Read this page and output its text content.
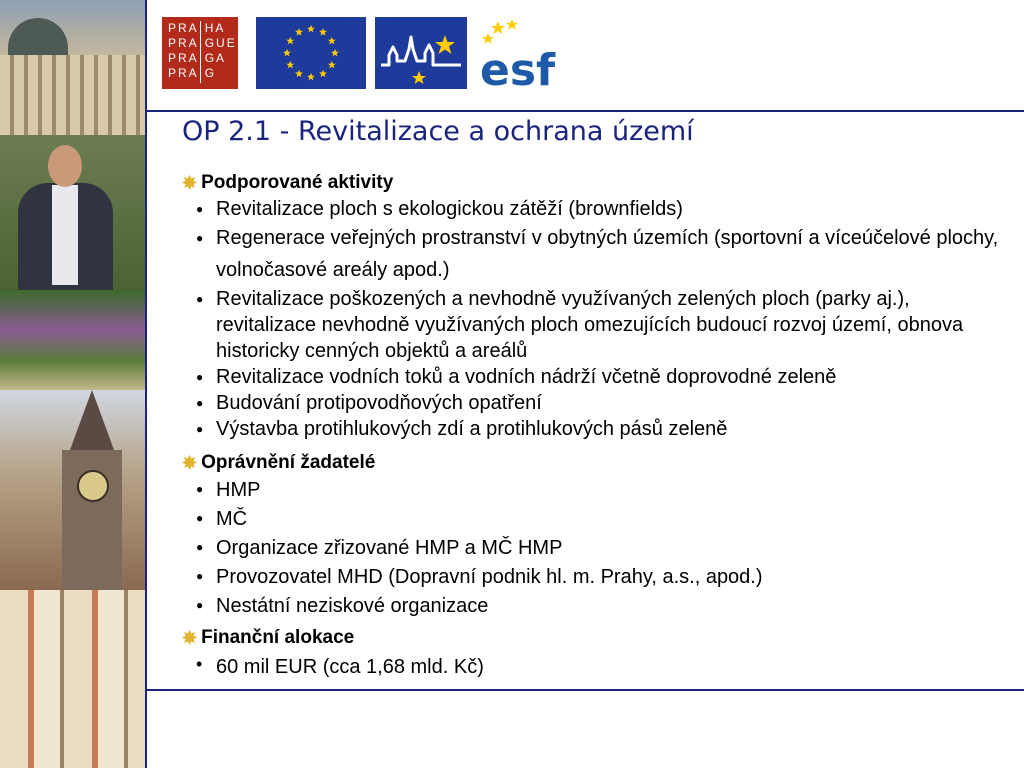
PRA HA
PRA GUE
PRA GA
PRA G	esf
OP 2.1 - Revitalizace a ochrana území
✵ Podporované aktivity
● Revitalizace ploch s ekologickou zátěží (brownfields)
● Regenerace veřejných prostranství v obytných územích (sportovní a víceúčelové plochy, volnočasové areály apod.)
● Revitalizace poškozených a nevhodně využívaných zelených ploch (parky aj.), revitalizace nevhodně využívaných ploch omezujících budoucí rozvoj území, obnova historicky cenných objektů a areálů
● Revitalizace vodních toků a vodních nádrží včetně doprovodné zeleně
● Budování protipovodňových opatření
● Výstavba protihlukových zdí a protihlukových pásů zeleně
✵ Oprávnění žadatelé
● HMP
● MČ
● Organizace zřizované HMP a MČ HMP
● Provozovatel MHD (Dopravní podnik hl. m. Prahy, a.s., apod.)
● Nestátní neziskové organizace
✵ Finanční alokace
• 60 mil EUR (cca 1,68 mld. Kč)
